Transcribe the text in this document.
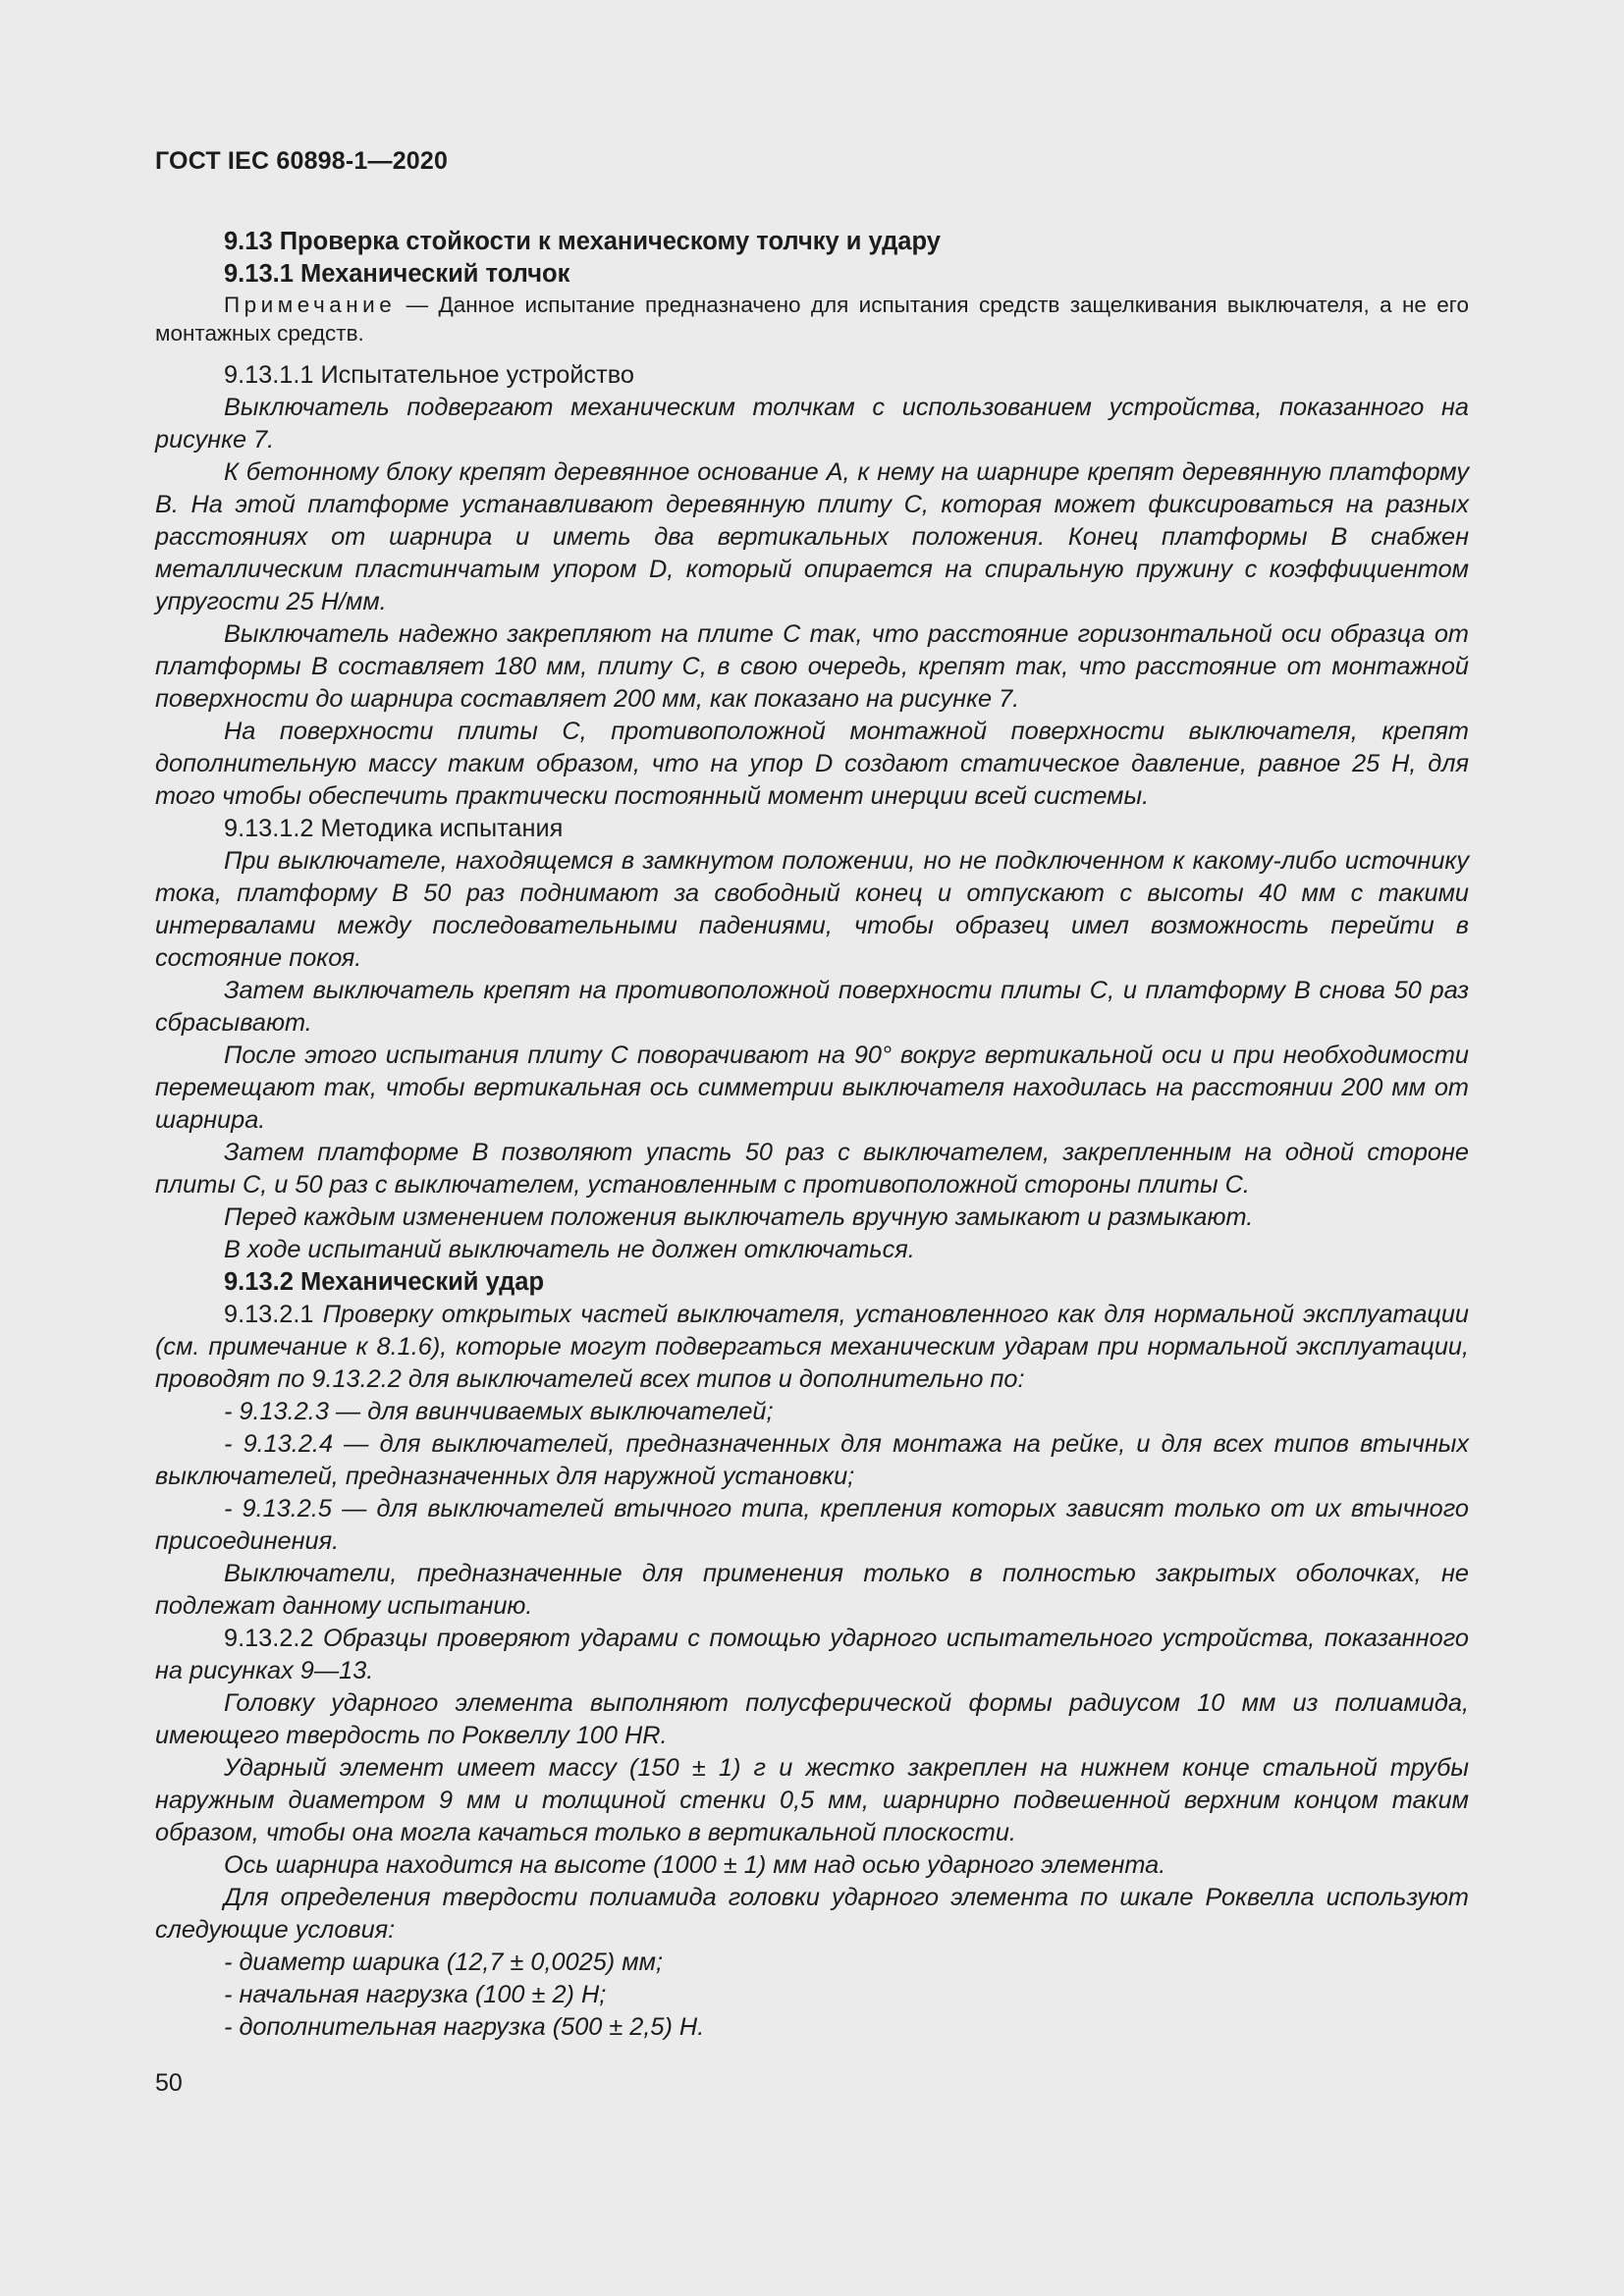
ГОСТ IEC 60898-1—2020

9.13 Проверка стойкости к механическому толчку и удару

9.13.1 Механический толчок

Примечание — Данное испытание предназначено для испытания средств защелкивания выключателя, а не его монтажных средств.

9.13.1.1 Испытательное устройство

Выключатель подвергают механическим толчкам с использованием устройства, показанного на рисунке 7.

К бетонному блоку крепят деревянное основание А, к нему на шарнире крепят деревянную платформу В. На этой платформе устанавливают деревянную плиту С, которая может фиксироваться на разных расстояниях от шарнира и иметь два вертикальных положения. Конец платформы В снабжен металлическим пластинчатым упором D, который опирается на спиральную пружину с коэффициентом упругости 25 Н/мм.

Выключатель надежно закрепляют на плите С так, что расстояние горизонтальной оси образца от платформы В составляет 180 мм, плиту С, в свою очередь, крепят так, что расстояние от монтажной поверхности до шарнира составляет 200 мм, как показано на рисунке 7.

На поверхности плиты С, противоположной монтажной поверхности выключателя, крепят дополнительную массу таким образом, что на упор D создают статическое давление, равное 25 Н, для того чтобы обеспечить практически постоянный момент инерции всей системы.

9.13.1.2 Методика испытания

При выключателе, находящемся в замкнутом положении, но не подключенном к какому-либо источнику тока, платформу В 50 раз поднимают за свободный конец и отпускают с высоты 40 мм с такими интервалами между последовательными падениями, чтобы образец имел возможность перейти в состояние покоя.

Затем выключатель крепят на противоположной поверхности плиты С, и платформу В снова 50 раз сбрасывают.

После этого испытания плиту С поворачивают на 90° вокруг вертикальной оси и при необходимости перемещают так, чтобы вертикальная ось симметрии выключателя находилась на расстоянии 200 мм от шарнира.

Затем платформе В позволяют упасть 50 раз с выключателем, закрепленным на одной стороне плиты С, и 50 раз с выключателем, установленным с противоположной стороны плиты С.

Перед каждым изменением положения выключатель вручную замыкают и размыкают.

В ходе испытаний выключатель не должен отключаться.

9.13.2 Механический удар

9.13.2.1 Проверку открытых частей выключателя, установленного как для нормальной эксплуатации (см. примечание к 8.1.6), которые могут подвергаться механическим ударам при нормальной эксплуатации, проводят по 9.13.2.2 для выключателей всех типов и дополнительно по:

- 9.13.2.3 — для ввинчиваемых выключателей;

- 9.13.2.4 — для выключателей, предназначенных для монтажа на рейке, и для всех типов втычных выключателей, предназначенных для наружной установки;

- 9.13.2.5 — для выключателей втычного типа, крепления которых зависят только от их втычного присоединения.

Выключатели, предназначенные для применения только в полностью закрытых оболочках, не подлежат данному испытанию.

9.13.2.2 Образцы проверяют ударами с помощью ударного испытательного устройства, показанного на рисунках 9—13.

Головку ударного элемента выполняют полусферической формы радиусом 10 мм из полиамида, имеющего твердость по Роквеллу 100 HR.

Ударный элемент имеет массу (150 ± 1) г и жестко закреплен на нижнем конце стальной трубы наружным диаметром 9 мм и толщиной стенки 0,5 мм, шарнирно подвешенной верхним концом таким образом, чтобы она могла качаться только в вертикальной плоскости.

Ось шарнира находится на высоте (1000 ± 1) мм над осью ударного элемента.

Для определения твердости полиамида головки ударного элемента по шкале Роквелла используют следующие условия:

- диаметр шарика (12,7 ± 0,0025) мм;

- начальная нагрузка (100 ± 2) Н;

- дополнительная нагрузка (500 ± 2,5) Н.

50
